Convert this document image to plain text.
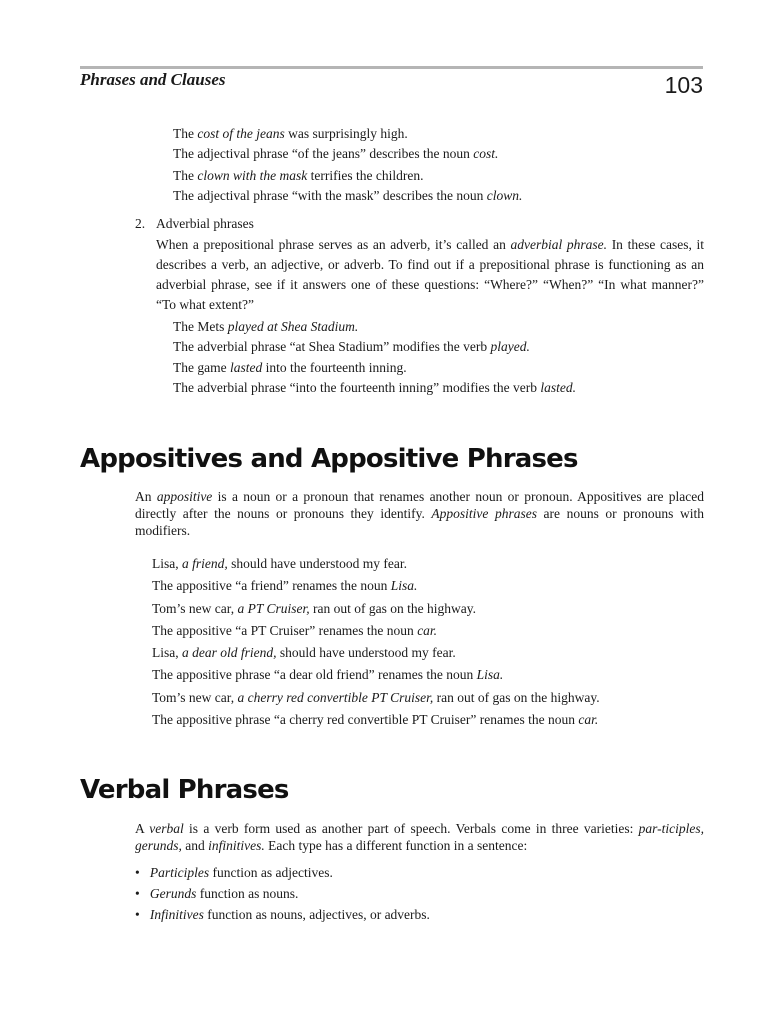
Phrases and Clauses	103
The cost of the jeans was surprisingly high.
The adjectival phrase “of the jeans” describes the noun cost.
The clown with the mask terrifies the children.
The adjectival phrase “with the mask” describes the noun clown.
2. Adverbial phrases

When a prepositional phrase serves as an adverb, it’s called an adverbial phrase. In these cases, it describes a verb, an adjective, or adverb. To find out if a prepositional phrase is functioning as an adverbial phrase, see if it answers one of these questions: “Where?” “When?” “In what manner?” “To what extent?”

The Mets played at Shea Stadium.
The adverbial phrase “at Shea Stadium” modifies the verb played.
The game lasted into the fourteenth inning.
The adverbial phrase “into the fourteenth inning” modifies the verb lasted.
Appositives and Appositive Phrases

An appositive is a noun or a pronoun that renames another noun or pronoun. Appositives are placed directly after the nouns or pronouns they identify. Appositive phrases are nouns or pronouns with modifiers.

Lisa, a friend, should have understood my fear.
The appositive “a friend” renames the noun Lisa.
Tom’s new car, a PT Cruiser, ran out of gas on the highway.
The appositive “a PT Cruiser” renames the noun car.
Lisa, a dear old friend, should have understood my fear.
The appositive phrase “a dear old friend” renames the noun Lisa.
Tom’s new car, a cherry red convertible PT Cruiser, ran out of gas on the highway.
The appositive phrase “a cherry red convertible PT Cruiser” renames the noun car.
Verbal Phrases

A verbal is a verb form used as another part of speech. Verbals come in three varieties: par-ticiples, gerunds, and infinitives. Each type has a different function in a sentence:

• Participles function as adjectives.
• Gerunds function as nouns.
• Infinitives function as nouns, adjectives, or adverbs.
